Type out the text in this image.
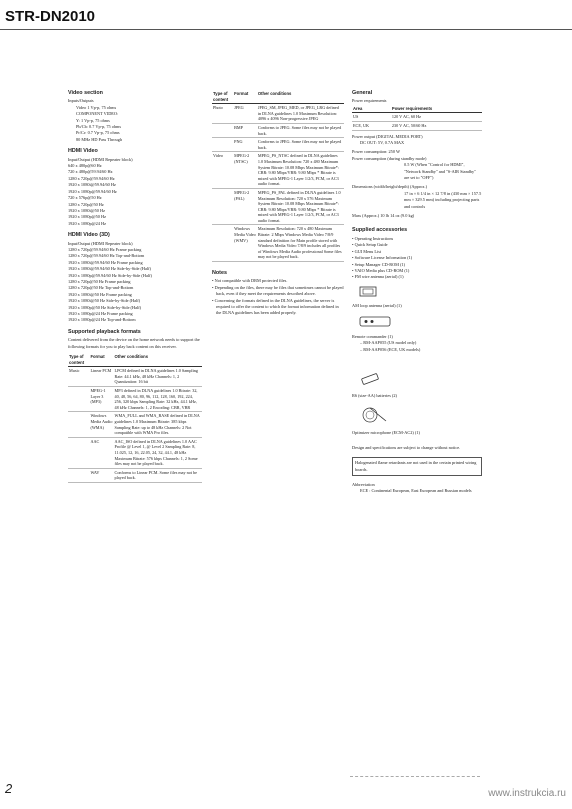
STR-DN2010
Video section
Inputs/Outputs
Video 1 Vp-p, 75 ohms
COMPONENT VIDEO:
Y: 1 Vp-p, 75 ohms
Pb/Cb: 0.7 Vp-p, 75 ohms
Pr/Cr: 0.7 Vp-p, 75 ohms
80 MHz HD Pass Through
HDMI Video
Input/Output (HDMI Repeater block)
640 x 480p@60 Hz
720 x 480p@59.94/60 Hz
1280 x 720p@59.94/60 Hz
1920 x 1080i@59.94/60 Hz
1920 x 1080p@59.94/60 Hz
720 x 576p@50 Hz
1280 x 720p@50 Hz
1920 x 1080i@50 Hz
1920 x 1080p@50 Hz
1920 x 1080p@24 Hz
HDMI Video (3D)
Input/Output (HDMI Repeater block)
1280 x 720p@59.94/60 Hz Frame packing
1280 x 720p@59.94/60 Hz Top-and-Bottom
1920 x 1080i@59.94/60 Hz Frame packing
1920 x 1080i@59.94/60 Hz Side-by-Side (Half)
1920 x 1080p@59.94/60 Hz Side-by-Side (Half)
1280 x 720p@50 Hz Frame packing
1280 x 720p@50 Hz Top-and-Bottom
1920 x 1080i@50 Hz Frame packing
1920 x 1080i@50 Hz Side-by-Side (Half)
1920 x 1080p@50 Hz Side-by-Side (Half)
1920 x 1080p@24 Hz Frame packing
1920 x 1080p@24 Hz Top-and-Bottom
Supported playback formats
Content delivered from the device on the home network needs to support the following formats for you to play back content on this receiver.
Type of content	Format	Other conditions
Music	Linear PCM	LPCM defined in DLNA guidelines 1.0 Sampling Rate: 44.1 kHz, 48 kHz Channels: 1, 2 Quantization: 16 bit
	MPEG-1 Layer 3 (MP3)	MP3 defined in DLNA guidelines 1.0 Bitrate: 32, 40, 48, 56, 64, 80, 96, 112, 128, 160, 192, 224, 256, 320 kbps Sampling Rate: 32 kHz, 44.1 kHz, 48 kHz Channels: 1, 2 Encoding: CBR, VBR
	Windows Media Audio (WMA)	WMA_FULL and WMA_BASE defined in DLNA guidelines 1.0 Maximum Bitrate: 385 kbps Sampling Rate: up to 48 kHz Channels: 2 Not compatible with WMA Pro files.
	AAC	AAC_ISO defined in DLNA guidelines 1.0 AAC Profile @ Level 1, @ Level 2 Sampling Rate: 8, 11.025, 12, 16, 22.05, 24, 32, 44.1, 48 kHz Maximum Bitrate: 576 kbps Channels: 1, 2 Some files may not be played back.
	WAV	Conforms to Linear PCM. Some files may not be played back.
Type of content	Format	Other conditions
Photo	JPEG	JPEG_SM, JPEG_MED, or JPEG_LRG defined in DLNA guidelines 1.0 Maximum Resolution: 4096 x 4096 Non-progressive JPEG
	BMP	Conforms to JPEG. Some files may not be played back.
	PNG	Conforms to JPEG. Some files may not be played back.
Video	MPEG-2 (NTSC)	MPEG_PS_NTSC defined in DLNA guidelines 1.0 Maximum Resolution: 720 x 480 Maximum System Bitrate: 10.08 Mbps Maximum Bitrate*: CBR: 9.80 Mbps/VBR: 9.80 Mbps * Bitrate is mixed with MPEG-1 Layer 1/2/3, PCM, or AC3 audio format.
	MPEG-2 (PAL)	MPEG_PS_PAL defined in DLNA guidelines 1.0 Maximum Resolution: 720 x 576 Maximum System Bitrate: 10.08 Mbps Maximum Bitrate*: CBR: 9.80 Mbps/VBR: 9.80 Mbps * Bitrate is mixed with MPEG-1 Layer 1/2/3, PCM, or AC3 audio format.
	Windows Media Video (WMV)	Maximum Resolution: 720 x 480 Maximum Bitrate: 2 Mbps Windows Media Video 7/8/9 standard definition for Main profile stored with Windows Media Video 7/8/9 includes all profiles of Windows Media Audio professional Some files may not be played back.
Notes
• Not compatible with DRM protected files.
• Depending on the files, there may be files that sometimes cannot be played back, even if they meet the requirements described above.
• Concerning the formats defined in the DLNA guidelines, the server is required to offer the content to which the format information defined in the DLNA guidelines has been added properly.
General
Power requirements
Area	Power requirements
US	120 V AC, 60 Hz
ECE, UK	230 V AC, 50/60 Hz
Power output (DIGITAL MEDIA PORT)
DC OUT: 5V, 0.7A MAX
Power consumption: 250 W
Power consumption (during standby mode)
0.5 W (When "Control for HDMI", "Network Standby" and "S-AIR Standby" are set to "OFF")
Dimensions (width/height/depth) (Approx.)
17 in × 6 1/4 in × 12 7/8 in (430 mm × 157.5 mm × 329.5 mm) including projecting parts and controls
Mass (Approx.) 10 lb 14 oz (9.0 kg)
Supplied accessories
• Operating Instructions
• Quick Setup Guide
• GUI Menu List
• Software License Information (1)
• Setup Manager CD-ROM (1)
• VAIO Media plus CD-ROM (1)
• FM wire antenna (aerial) (1)
AM loop antenna (aerial) (1)
Remote commander (1)
– RM-AAP055 (US model only)
– RM-AAP056 (ECE, UK models)
R6 (size-AA) batteries (2)
Optimizer microphone (ECM-AC2) (1)
Design and specifications are subject to change without notice.
Halogenated flame retardants are not used in the certain printed wiring boards.
Abbreviation
ECE : Continental European, East European and Russian models
2	www.instrukcia.ru
